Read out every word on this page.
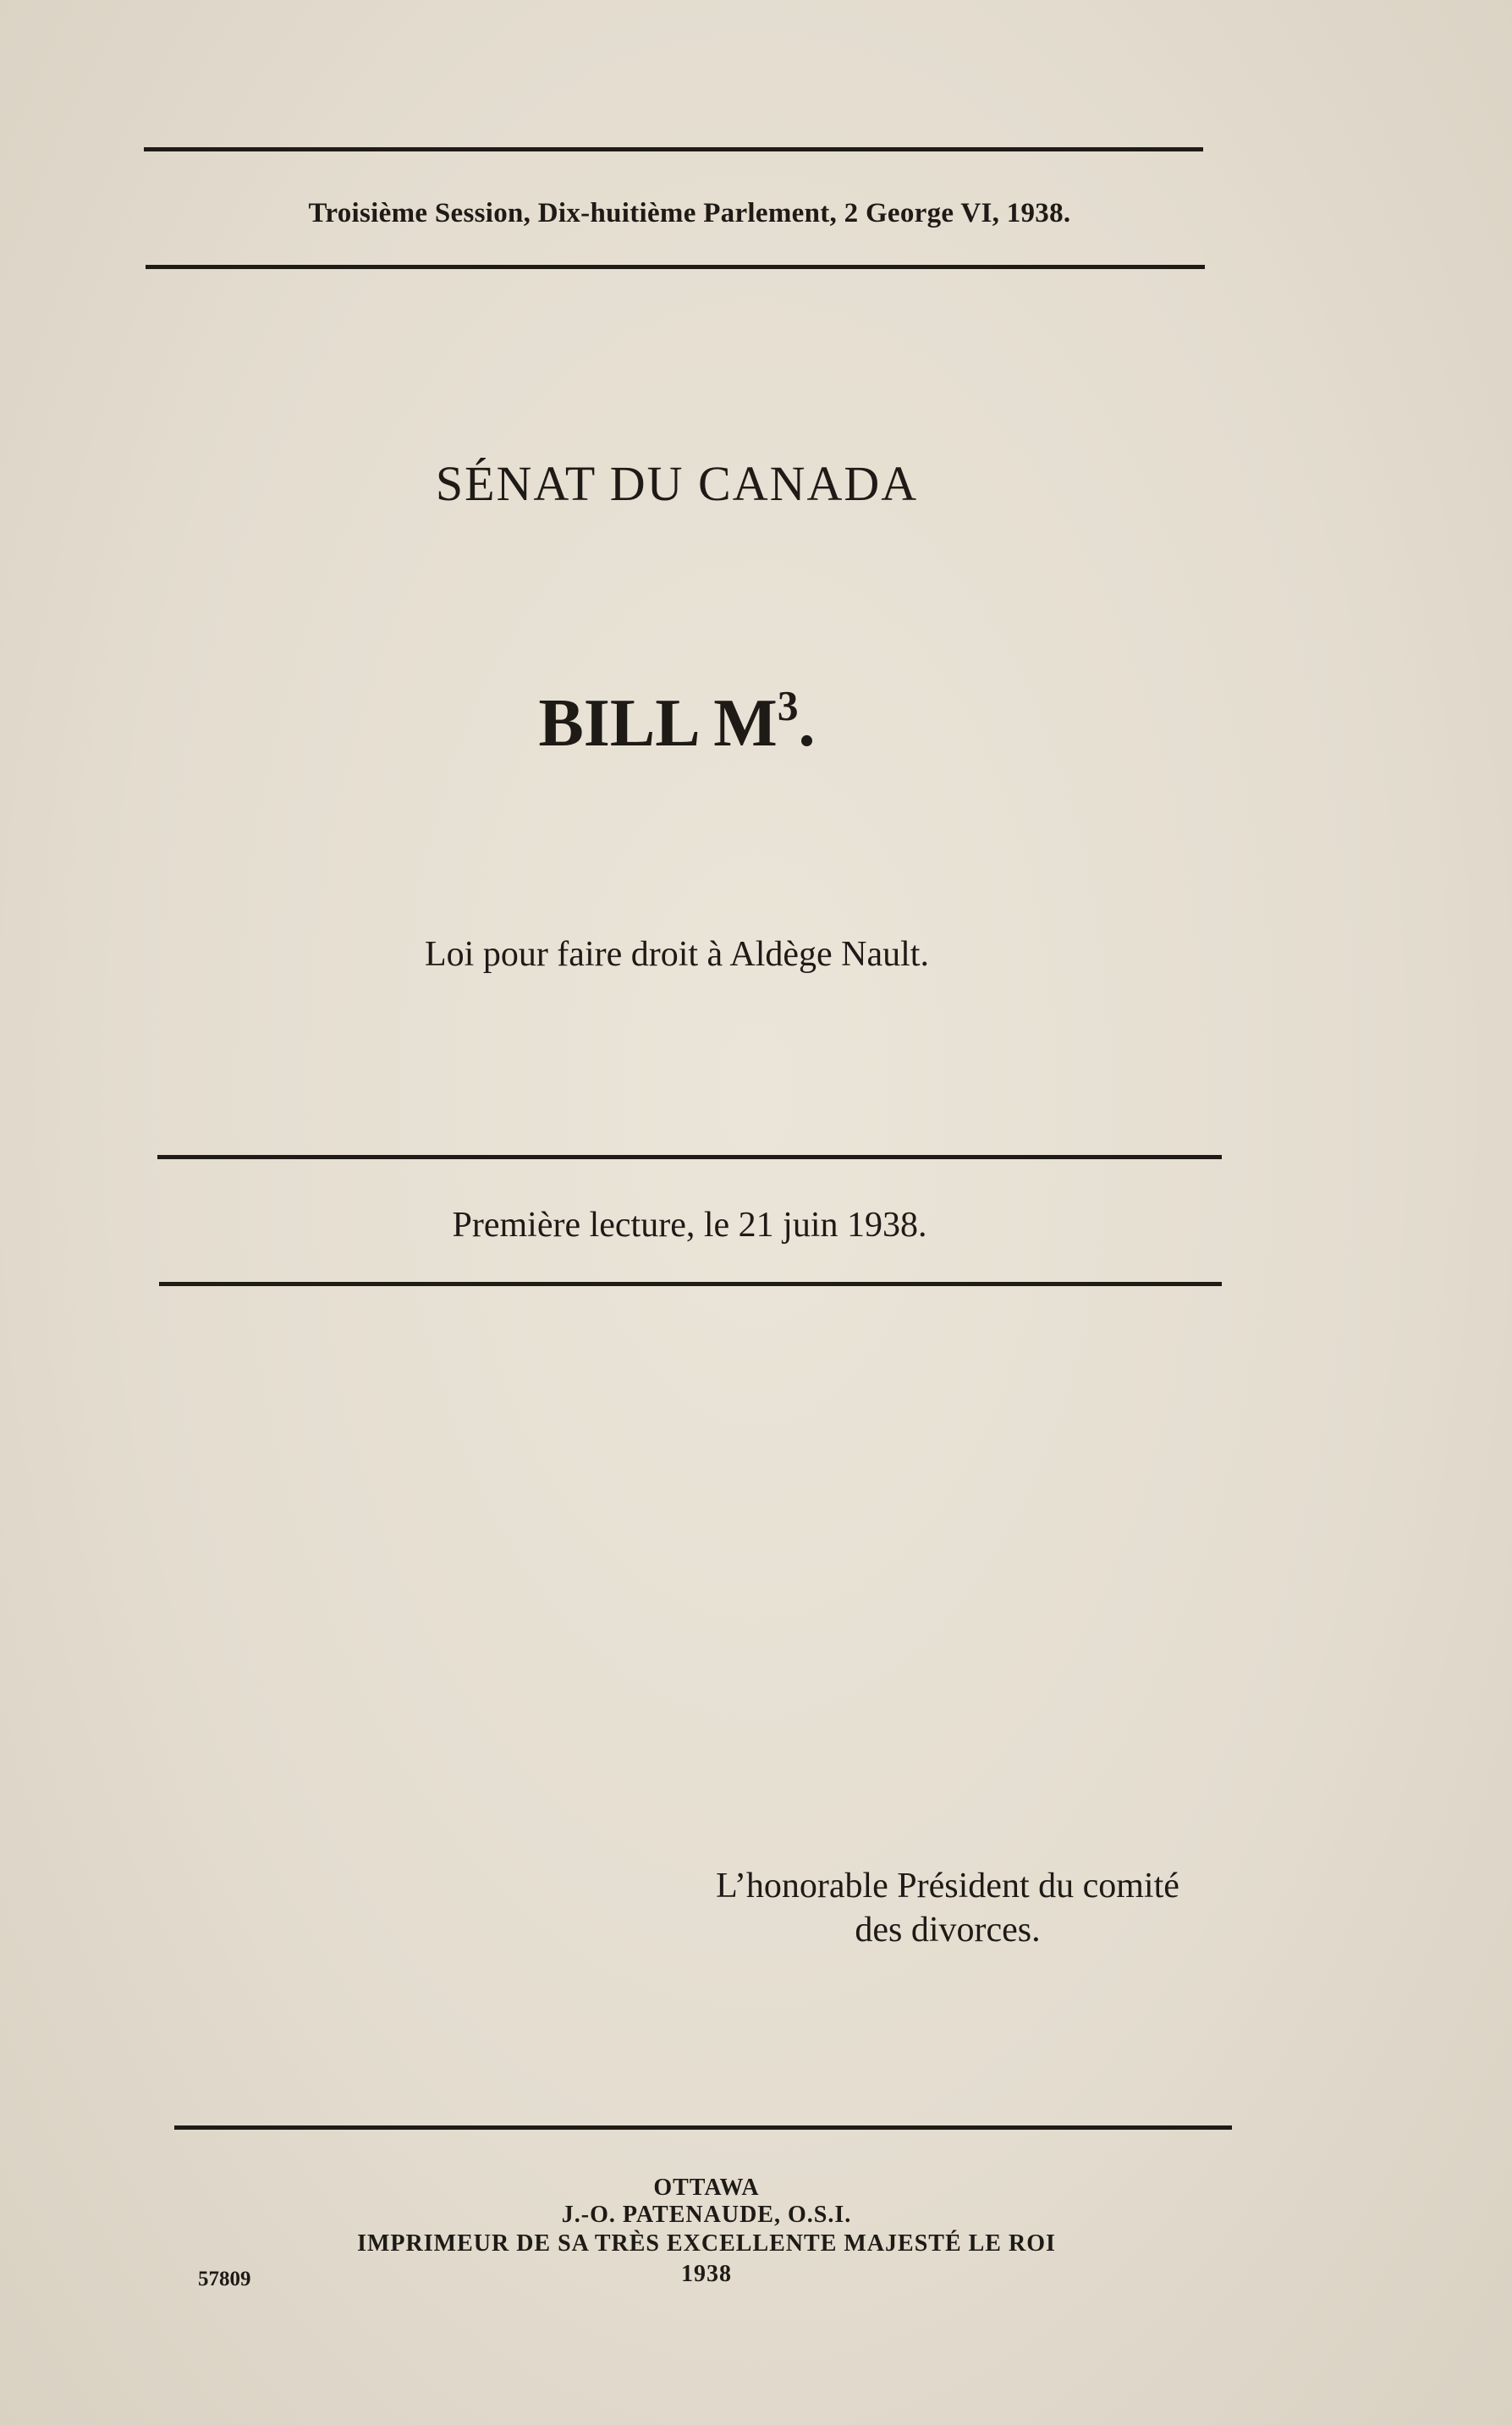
Troisième Session, Dix-huitième Parlement, 2 George VI, 1938.
SÉNAT DU CANADA
BILL $M^3$.
Loi pour faire droit à Aldège Nault.
Première lecture, le 21 juin 1938.
L’honorable Président du comité
des divorces.
OTTAWA
J.-O. PATENAUDE, O.S.I.
IMPRIMEUR DE SA TRÈS EXCELLENTE MAJESTÉ LE ROI
1938
57809
